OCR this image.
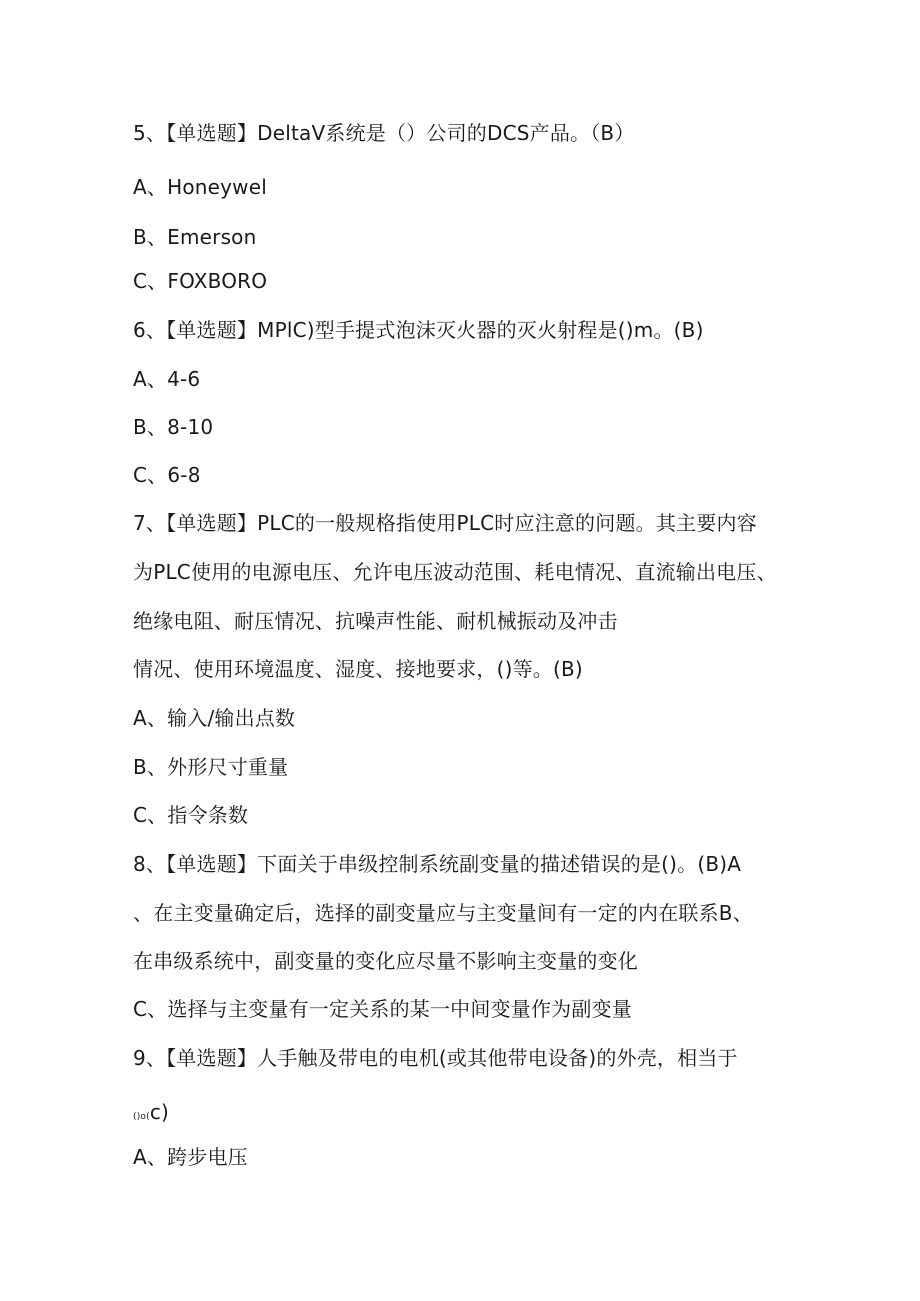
5、【单选题】DeltaV系统是（）公司的DCS产品。（B）
A、Honeywel
B、Emerson
C、FOXBORO
6、【单选题】MPlC)型手提式泡沫灭火器的灭火射程是()m。(B)
A、4-6
B、8-10
C、6-8
7、【单选题】PLC的一般规格指使用PLC时应注意的问题。其主要内容
为PLC使用的电源电压、允许电压波动范围、耗电情况、直流输出电压、
绝缘电阻、耐压情况、抗噪声性能、耐机械振动及冲击
情况、使用环境温度、湿度、接地要求，()等。(B)
A、输入/输出点数
B、外形尺寸重量
C、指令条数
8、【单选题】下面关于串级控制系统副变量的描述错误的是()。(B)A
、在主变量确定后，选择的副变量应与主变量间有一定的内在联系B、
在串级系统中，副变量的变化应尽量不影响主变量的变化
C、选择与主变量有一定关系的某一中间变量作为副变量
9、【单选题】人手触及带电的电机(或其他带电设备)的外壳，相当于
()o(c)
A、跨步电压
